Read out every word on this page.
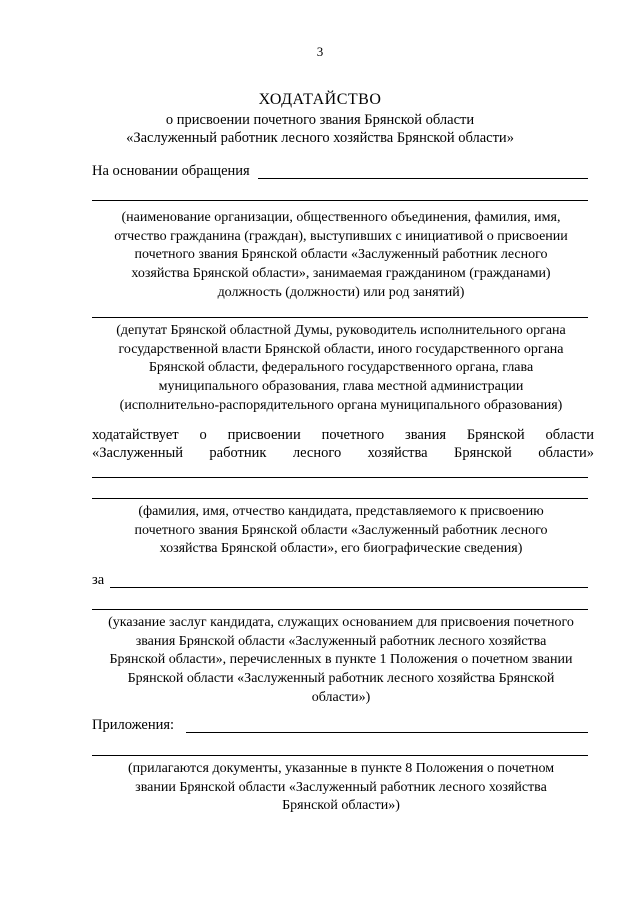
3
ХОДАТАЙСТВО
о присвоении почетного звания Брянской области
«Заслуженный работник лесного хозяйства Брянской области»
На основании обращения
(наименование организации, общественного объединения, фамилия, имя,
отчество гражданина (граждан), выступивших с инициативой о присвоении
почетного звания Брянской области «Заслуженный работник лесного
хозяйства Брянской области», занимаемая гражданином (гражданами)
должность (должности) или род занятий)
(депутат Брянской областной Думы, руководитель исполнительного органа
государственной власти Брянской области, иного государственного органа
Брянской области, федерального государственного органа, глава
муниципального образования, глава местной администрации
(исполнительно-распорядительного органа муниципального образования)
ходатайствует о присвоении почетного звания Брянской области
«Заслуженный работник лесного хозяйства Брянской области»
(фамилия, имя, отчество кандидата, представляемого к присвоению
почетного звания Брянской области «Заслуженный работник лесного
хозяйства Брянской области», его биографические сведения)
за
(указание заслуг кандидата, служащих основанием для присвоения почетного
звания Брянской области «Заслуженный работник лесного хозяйства
Брянской области», перечисленных в пункте 1 Положения о почетном звании
Брянской области «Заслуженный работник лесного хозяйства Брянской
области»)
Приложения:
(прилагаются документы, указанные в пункте 8 Положения о почетном
звании Брянской области «Заслуженный работник лесного хозяйства
Брянской области»)
